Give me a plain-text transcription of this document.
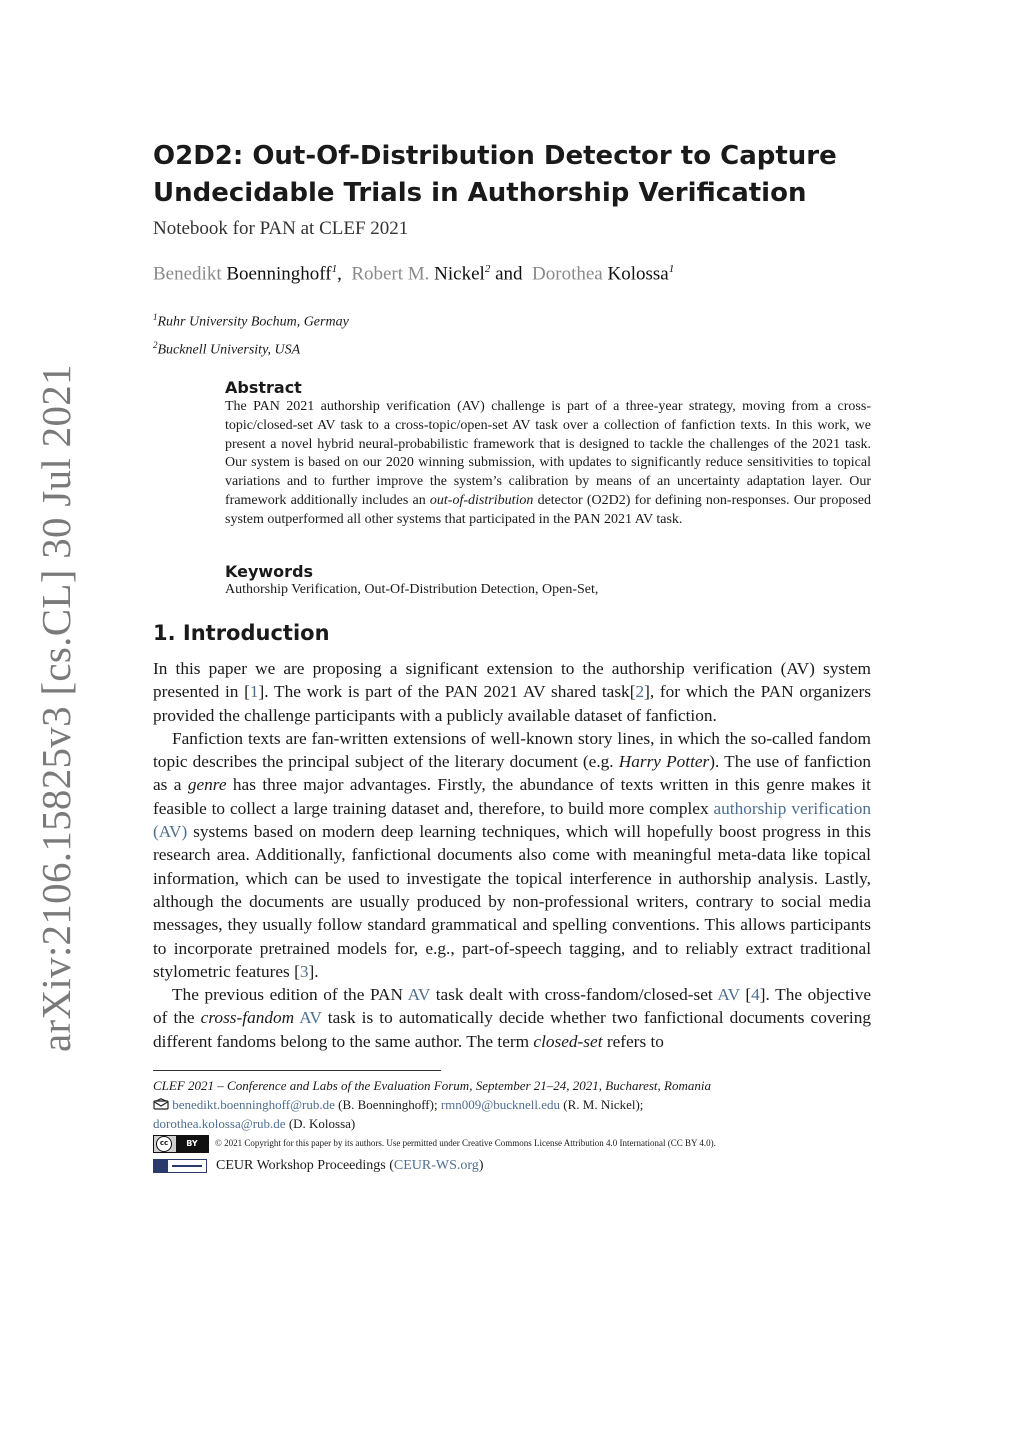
arXiv:2106.15825v3 [cs.CL] 30 Jul 2021
O2D2: Out-Of-Distribution Detector to Capture
Undecidable Trials in Authorship Verification
Notebook for PAN at CLEF 2021
Benedikt Boenninghoff$^1$, Robert M. Nickel$^2$ and Dorothea Kolossa$^1$
$^1$Ruhr University Bochum, Germay
$^2$Bucknell University, USA

Abstract

The PAN 2021 authorship verification (AV) challenge is part of a three-year strategy, moving from a cross-topic/closed-set AV task to a cross-topic/open-set AV task over a collection of fanfiction texts. In this work, we present a novel hybrid neural-probabilistic framework that is designed to tackle the challenges of the 2021 task. Our system is based on our 2020 winning submission, with updates to significantly reduce sensitivities to topical variations and to further improve the system’s calibration by means of an uncertainty adaptation layer. Our framework additionally includes an out-of-distribution detector (O2D2) for defining non-responses. Our proposed system outperformed all other systems that participated in the PAN 2021 AV task.

Keywords

Authorship Verification, Out-Of-Distribution Detection, Open-Set,

1. Introduction

In this paper we are proposing a significant extension to the authorship verification (AV) system presented in [1]. The work is part of the PAN 2021 AV shared task[2], for which the PAN organizers provided the challenge participants with a publicly available dataset of fanfiction.

Fanfiction texts are fan-written extensions of well-known story lines, in which the so-called fandom topic describes the principal subject of the literary document (e.g. Harry Potter). The use of fanfiction as a genre has three major advantages. Firstly, the abundance of texts written in this genre makes it feasible to collect a large training dataset and, therefore, to build more complex authorship verification (AV) systems based on modern deep learning techniques, which will hopefully boost progress in this research area. Additionally, fanfictional documents also come with meaningful meta-data like topical information, which can be used to investigate the topical interference in authorship analysis. Lastly, although the documents are usually produced by non-professional writers, contrary to social media messages, they usually follow standard grammatical and spelling conventions. This allows participants to incorporate pretrained models for, e.g., part-of-speech tagging, and to reliably extract traditional stylometric features [3].

The previous edition of the PAN AV task dealt with cross-fandom/closed-set AV [4]. The objective of the cross-fandom AV task is to automatically decide whether two fanfictional documents covering different fandoms belong to the same author. The term closed-set refers to

CLEF 2021 – Conference and Labs of the Evaluation Forum, September 21–24, 2021, Bucharest, Romania
benedikt.boenninghoff@rub.de (B. Boenninghoff); rmn009@bucknell.edu (R. M. Nickel);
dorothea.kolossa@rub.de (D. Kolossa)
cc	BY	© 2021 Copyright for this paper by its authors. Use permitted under Creative Commons License Attribution 4.0 International (CC BY 4.0).
CEUR Workshop Proceedings ( CEUR-WS.org )
